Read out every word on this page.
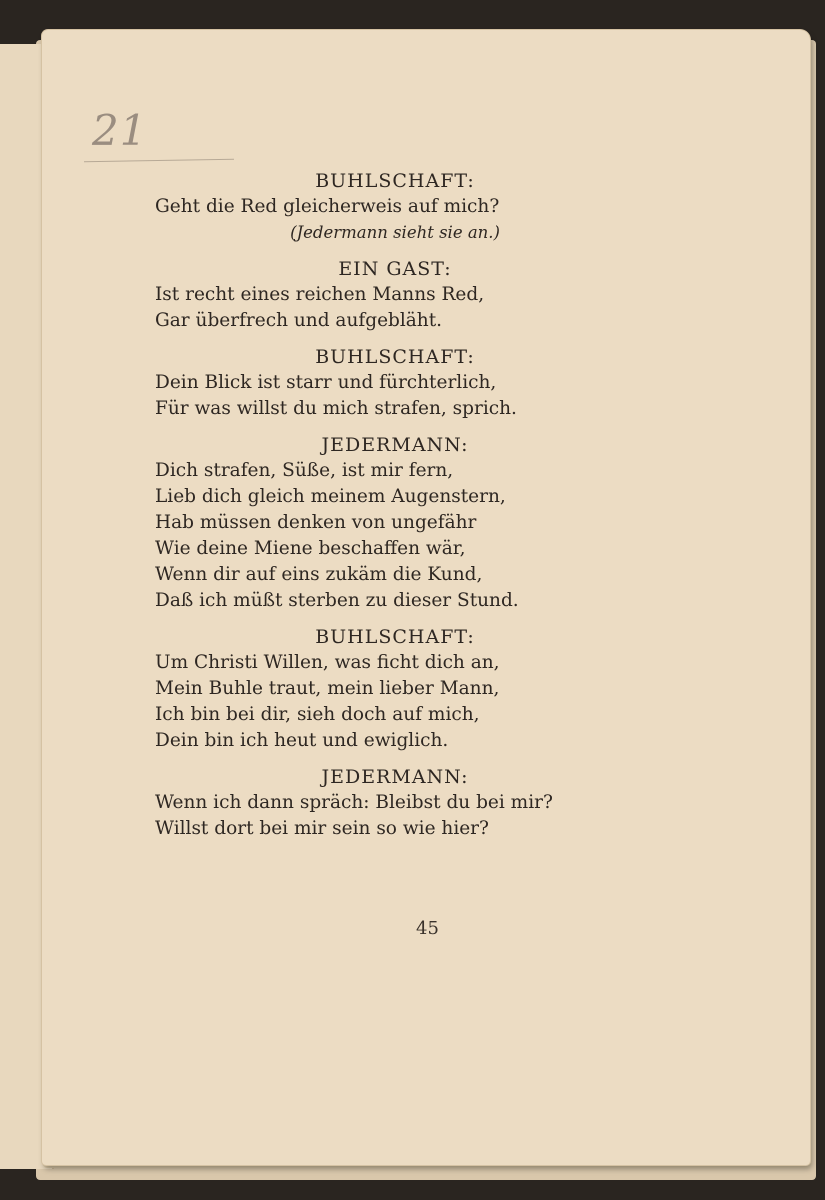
21
BUHLSCHAFT:
Geht die Red gleicherweis auf mich?
(Jedermann sieht sie an.)
EIN GAST:
Ist recht eines reichen Manns Red,
Gar überfrech und aufgebläht.
BUHLSCHAFT:
Dein Blick ist starr und fürchterlich,
Für was willst du mich strafen, sprich.
JEDERMANN:
Dich strafen, Süße, ist mir fern,
Lieb dich gleich meinem Augenstern,
Hab müssen denken von ungefähr
Wie deine Miene beschaffen wär,
Wenn dir auf eins zukäm die Kund,
Daß ich müßt sterben zu dieser Stund.
BUHLSCHAFT:
Um Christi Willen, was ficht dich an,
Mein Buhle traut, mein lieber Mann,
Ich bin bei dir, sieh doch auf mich,
Dein bin ich heut und ewiglich.
JEDERMANN:
Wenn ich dann spräch: Bleibst du bei mir?
Willst dort bei mir sein so wie hier?
45
